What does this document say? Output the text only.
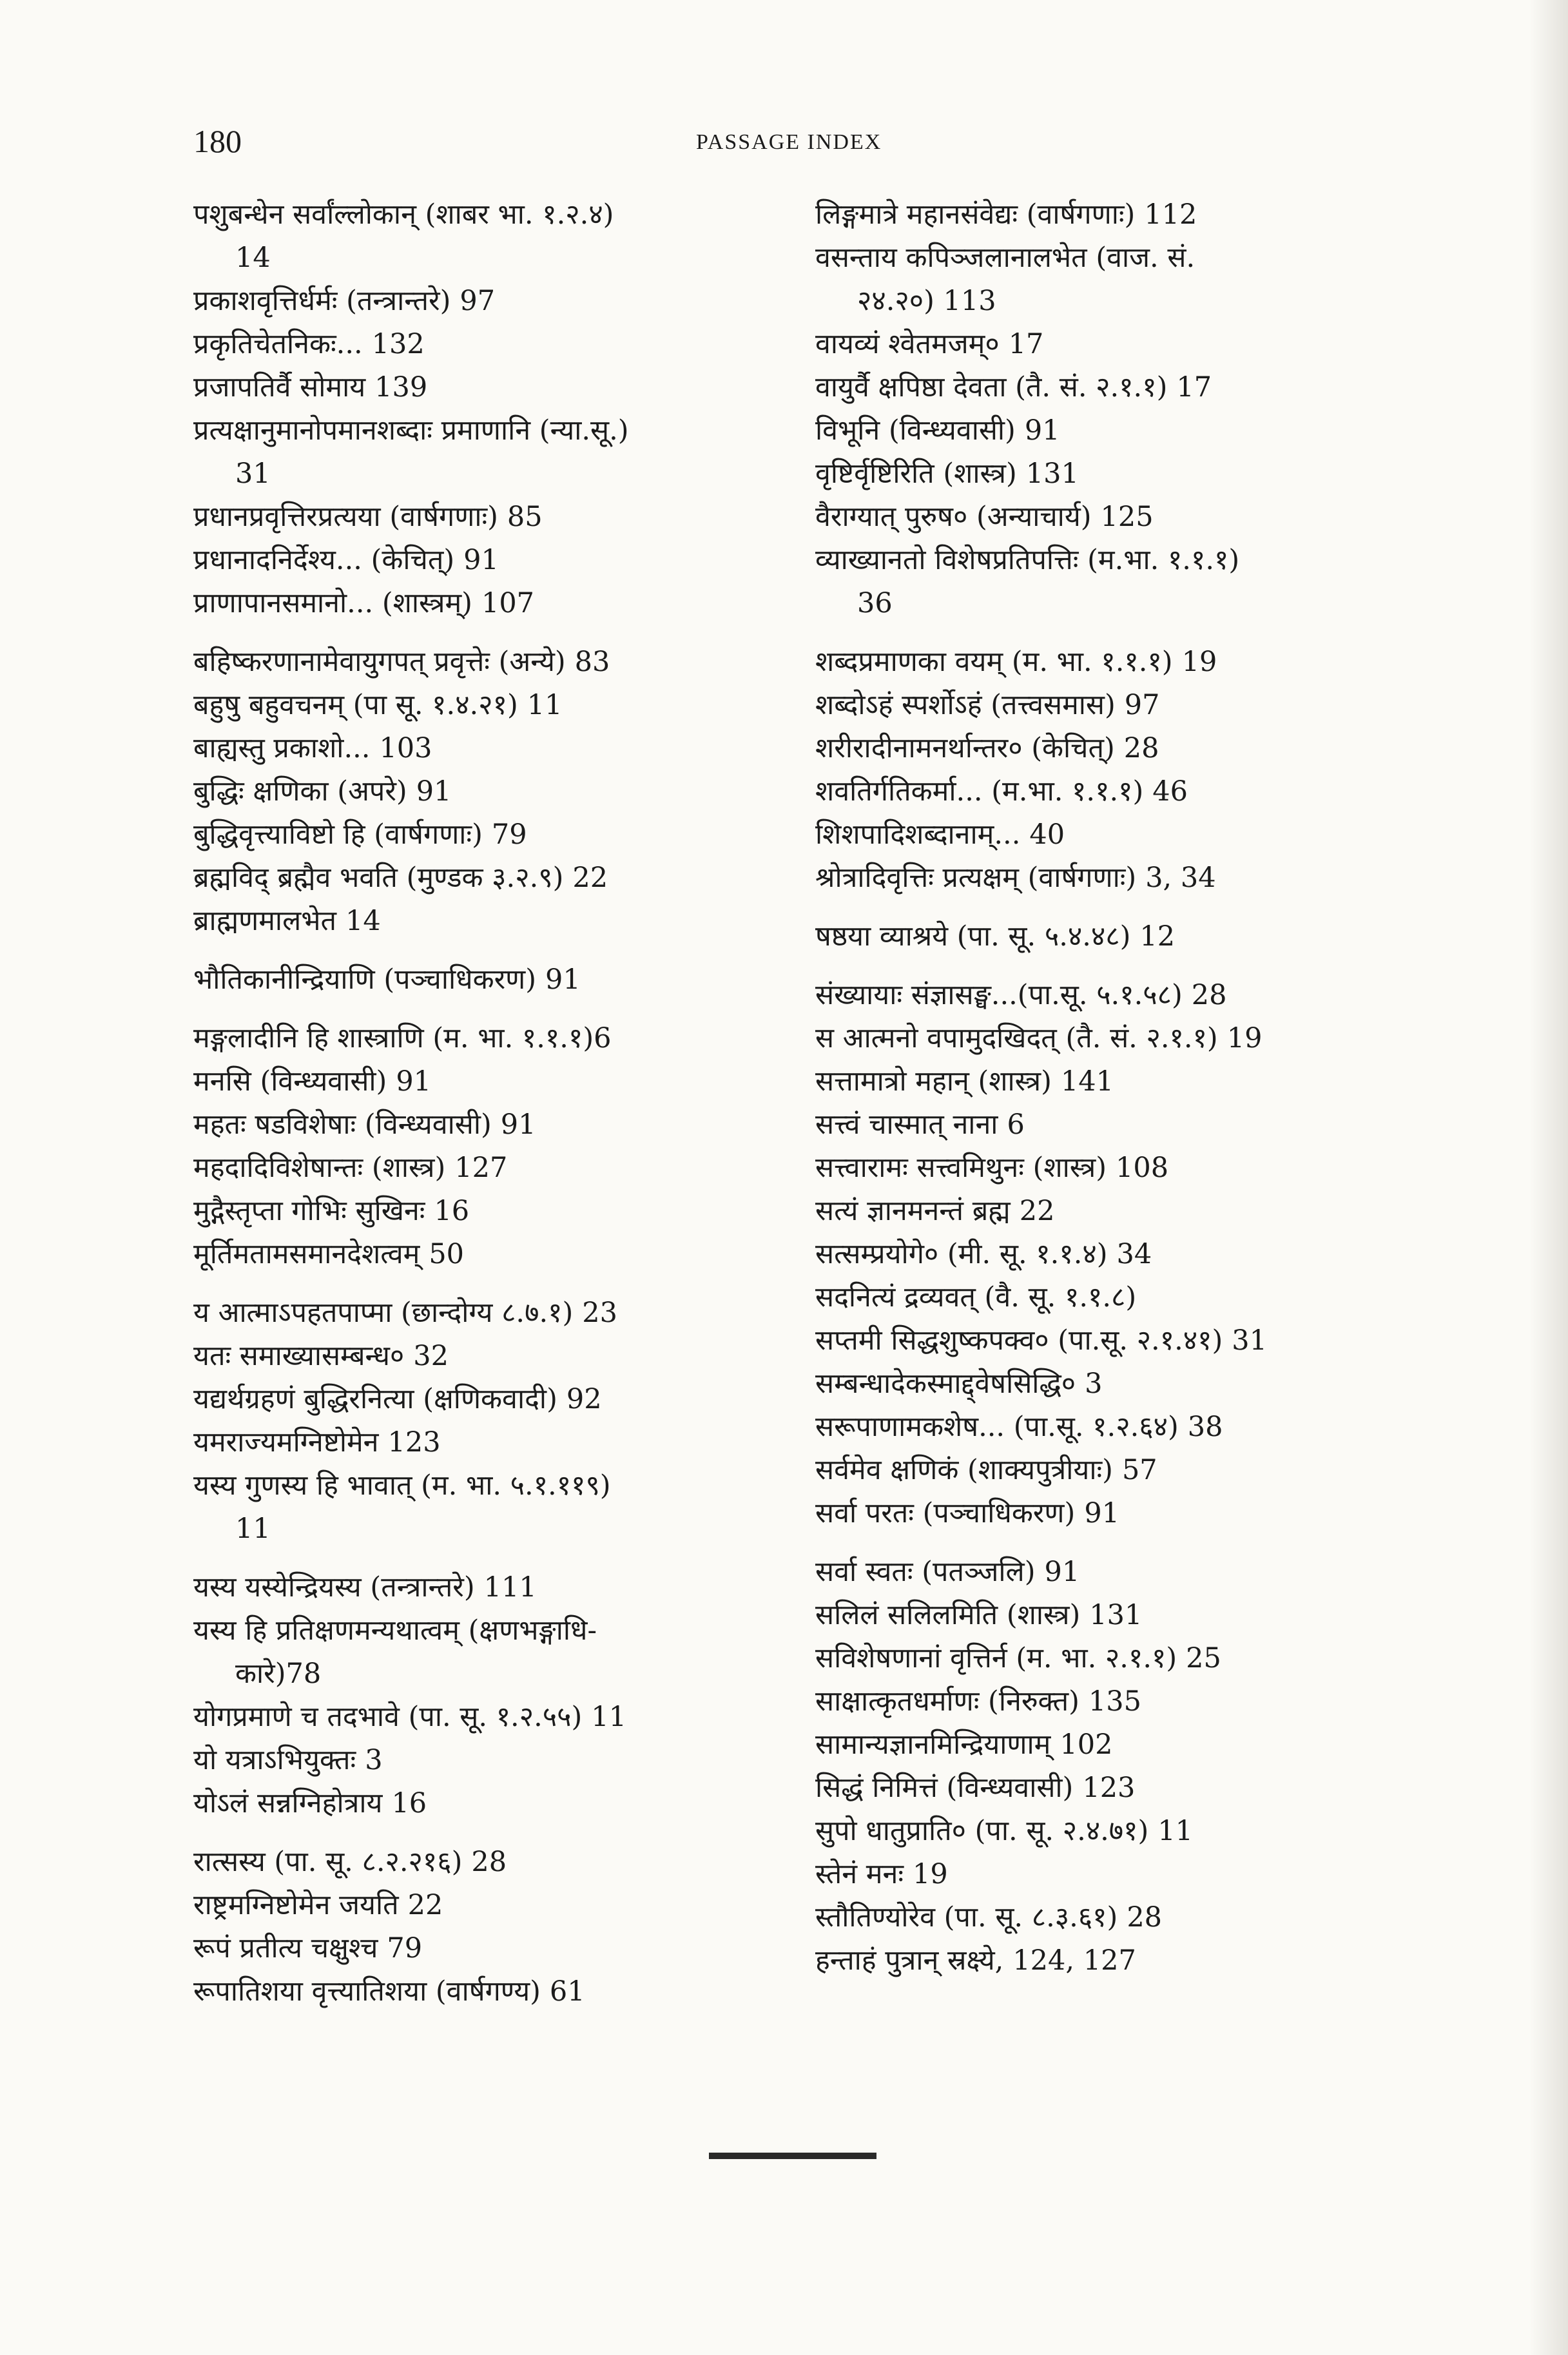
180	PASSAGE INDEX
पशुबन्धेन सर्वांल्लोकान् (शाबर भा. १.२.४)
14
प्रकाशवृत्तिर्धर्मः (तन्त्रान्तरे) 97
प्रकृतिचेतनिकः... 132
प्रजापतिर्वै सोमाय 139
प्रत्यक्षानुमानोपमानशब्दाः प्रमाणानि (न्या.सू.)
31
प्रधानप्रवृत्तिरप्रत्यया (वार्षगणाः) 85
प्रधानादनिर्देश्य... (केचित्) 91
प्राणापानसमानो... (शास्त्रम्) 107
बहिष्करणानामेवायुगपत् प्रवृत्तेः (अन्ये) 83
बहुषु बहुवचनम् (पा सू. १.४.२१) 11
बाह्यस्तु प्रकाशो... 103
बुद्धिः क्षणिका (अपरे) 91
बुद्धिवृत्त्याविष्टो हि (वार्षगणाः) 79
ब्रह्मविद् ब्रह्मैव भवति (मुण्डक ३.२.९) 22
ब्राह्मणमालभेत 14
भौतिकानीन्द्रियाणि (पञ्चाधिकरण) 91
मङ्गलादीनि हि शास्त्राणि (म. भा. १.१.१)6
मनसि (विन्ध्यवासी) 91
महतः षडविशेषाः (विन्ध्यवासी) 91
महदादिविशेषान्तः (शास्त्र) 127
मुद्गैस्तृप्ता गोभिः सुखिनः 16
मूर्तिमतामसमानदेशत्वम् 50
य आत्माऽपहतपाप्मा (छान्दोग्य ८.७.१) 23
यतः समाख्यासम्बन्ध० 32
यद्यर्थग्रहणं बुद्धिरनित्या (क्षणिकवादी) 92
यमराज्यमग्निष्टोमेन 123
यस्य गुणस्य हि भावात् (म. भा. ५.१.११९)
11
यस्य यस्येन्द्रियस्य (तन्त्रान्तरे) 111
यस्य हि प्रतिक्षणमन्यथात्वम् (क्षणभङ्गाधि-
कारे)78
योगप्रमाणे च तदभावे (पा. सू. १.२.५५) 11
यो यत्राऽभियुक्तः 3
योऽलं सन्नग्निहोत्राय 16
रात्सस्य (पा. सू. ८.२.२१६) 28
राष्ट्रमग्निष्टोमेन जयति 22
रूपं प्रतीत्य चक्षुश्च 79
रूपातिशया वृत्त्यातिशया (वार्षगण्य) 61
लिङ्गमात्रे महानसंवेद्यः (वार्षगणाः) 112
वसन्ताय कपिञ्जलानालभेत (वाज. सं.
२४.२०) 113
वायव्यं श्वेतमजम्० 17
वायुर्वै क्षपिष्ठा देवता (तै. सं. २.१.१) 17
विभूनि (विन्ध्यवासी) 91
वृष्टिर्वृष्टिरिति (शास्त्र) 131
वैराग्यात् पुरुष० (अन्याचार्य) 125
व्याख्यानतो विशेषप्रतिपत्तिः (म.भा. १.१.१)
36
शब्दप्रमाणका वयम् (म. भा. १.१.१) 19
शब्दोऽहं स्पर्शोऽहं (तत्त्वसमास) 97
शरीरादीनामनर्थान्तर० (केचित्) 28
शवतिर्गतिकर्मा... (म.भा. १.१.१) 46
शिशपादिशब्दानाम्... 40
श्रोत्रादिवृत्तिः प्रत्यक्षम् (वार्षगणाः) 3, 34
षष्ठया व्याश्रये (पा. सू. ५.४.४८) 12
संख्यायाः संज्ञासङ्घ...(पा.सू. ५.१.५८) 28
स आत्मनो वपामुदखिदत् (तै. सं. २.१.१) 19
सत्तामात्रो महान् (शास्त्र) 141
सत्त्वं चास्मात् नाना 6
सत्त्वारामः सत्त्वमिथुनः (शास्त्र) 108
सत्यं ज्ञानमनन्तं ब्रह्म 22
सत्सम्प्रयोगे० (मी. सू. १.१.४) 34
सदनित्यं द्रव्यवत् (वै. सू. १.१.८)
सप्तमी सिद्धशुष्कपक्व० (पा.सू. २.१.४१) 31
सम्बन्धादेकस्माद्द्वेषसिद्धि० 3
सरूपाणामकशेष... (पा.सू. १.२.६४) 38
सर्वमेव क्षणिकं (शाक्यपुत्रीयाः) 57
सर्वा परतः (पञ्चाधिकरण) 91
सर्वा स्वतः (पतञ्जलि) 91
सलिलं सलिलमिति (शास्त्र) 131
सविशेषणानां वृत्तिर्न (म. भा. २.१.१) 25
साक्षात्कृतधर्माणः (निरुक्त) 135
सामान्यज्ञानमिन्द्रियाणाम् 102
सिद्धं निमित्तं (विन्ध्यवासी) 123
सुपो धातुप्राति० (पा. सू. २.४.७१) 11
स्तेनं मनः 19
स्तौतिण्योरेव (पा. सू. ८.३.६१) 28
हन्ताहं पुत्रान् स्रक्ष्ये, 124, 127
